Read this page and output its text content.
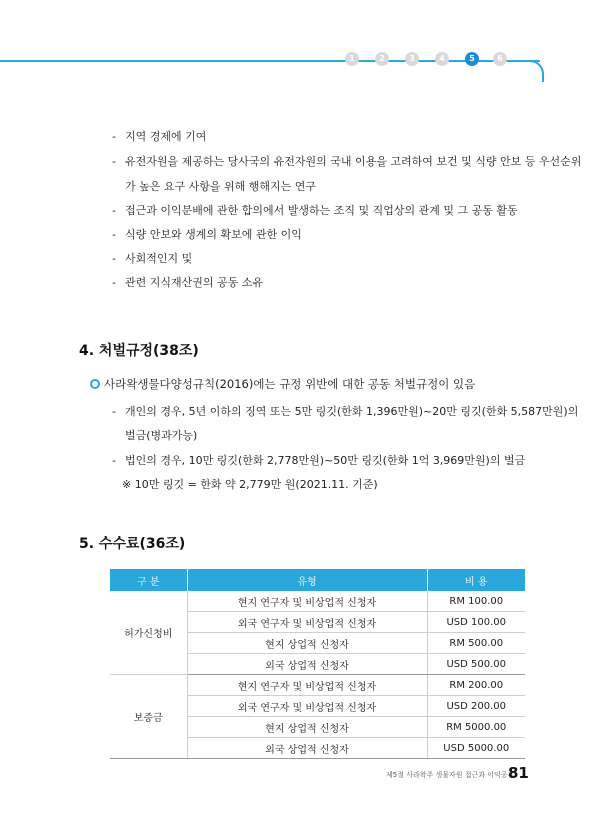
1	2	3	4	5	6
- 지역 경제에 기여
- 유전자원을 제공하는 당사국의 유전자원의 국내 이용을 고려하여 보건 및 식량 안보 등 우선순위
가 높은 요구 사항을 위해 행해지는 연구
- 접근과 이익분배에 관한 합의에서 발생하는 조직 및 직업상의 관계 및 그 공동 활동
- 식량 안보와 생계의 확보에 관한 이익
- 사회적인지 및
- 관련 지식재산권의 공동 소유
4. 처벌규정(38조)
사라왁생물다양성규칙(2016)에는 규정 위반에 대한 공동 처벌규정이 있음
- 개인의 경우, 5년 이하의 징역 또는 5만 링깃(한화 1,396만원)~20만 링깃(한화 5,587만원)의
벌금(병과가능)
- 법인의 경우, 10만 링깃(한화 2,778만원)~50만 링깃(한화 1억 3,969만원)의 벌금
※ 10만 링깃 = 한화 약 2,779만 원(2021.11. 기준)
5. 수수료(36조)
구 분	유형	비 용
허가신청비	현지 연구자 및 비상업적 신청자	RM 100.00
	외국 연구자 및 비상업적 신청자	USD 100.00
	현지 상업적 신청자	RM 500.00
	외국 상업적 신청자	USD 500.00
보증금	현지 연구자 및 비상업적 신청자	RM 200.00
	외국 연구자 및 비상업적 신청자	USD 200.00
	현지 상업적 신청자	RM 5000.00
	외국 상업적 신청자	USD 5000.00
제5절 사라왁주 생물자원 접근과 이익공유
81
